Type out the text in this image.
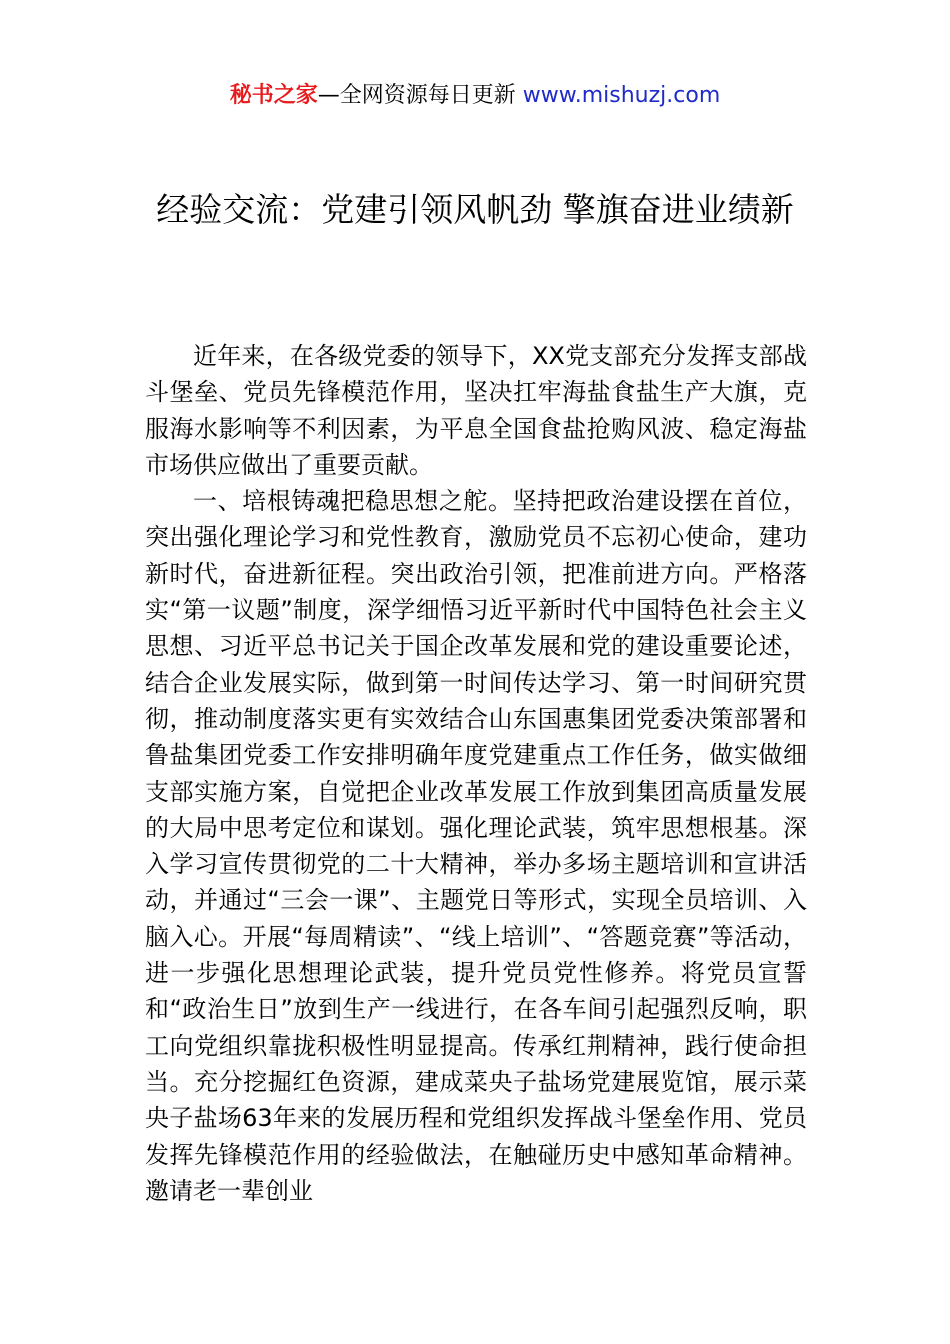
秘书之家—全网资源每日更新 www.mishuzj.com
经验交流：党建引领风帆劲 擎旗奋进业绩新

近年来，在各级党委的领导下，XX党支部充分发挥支部战斗堡垒、党员先锋模范作用，坚决扛牢海盐食盐生产大旗，克服海水影响等不利因素，为平息全国食盐抢购风波、稳定海盐市场供应做出了重要贡献。

一、培根铸魂把稳思想之舵。坚持把政治建设摆在首位，突出强化理论学习和党性教育，激励党员不忘初心使命，建功新时代，奋进新征程。突出政治引领，把准前进方向。严格落实“第一议题”制度，深学细悟习近平新时代中国特色社会主义思想、习近平总书记关于国企改革发展和党的建设重要论述，结合企业发展实际，做到第一时间传达学习、第一时间研究贯彻，推动制度落实更有实效结合山东国惠集团党委决策部署和鲁盐集团党委工作安排明确年度党建重点工作任务，做实做细支部实施方案，自觉把企业改革发展工作放到集团高质量发展的大局中思考定位和谋划。强化理论武装，筑牢思想根基。深入学习宣传贯彻党的二十大精神，举办多场主题培训和宣讲活动，并通过“三会一课”、主题党日等形式，实现全员培训、入脑入心。开展“每周精读”、“线上培训”、“答题竞赛”等活动，进一步强化思想理论武装，提升党员党性修养。将党员宣誓和“政治生日”放到生产一线进行，在各车间引起强烈反响，职工向党组织靠拢积极性明显提高。传承红荆精神，践行使命担当。充分挖掘红色资源，建成菜央子盐场党建展览馆，展示菜央子盐场63年来的发展历程和党组织发挥战斗堡垒作用、党员发挥先锋模范作用的经验做法，在触碰历史中感知革命精神。邀请老一辈创业
